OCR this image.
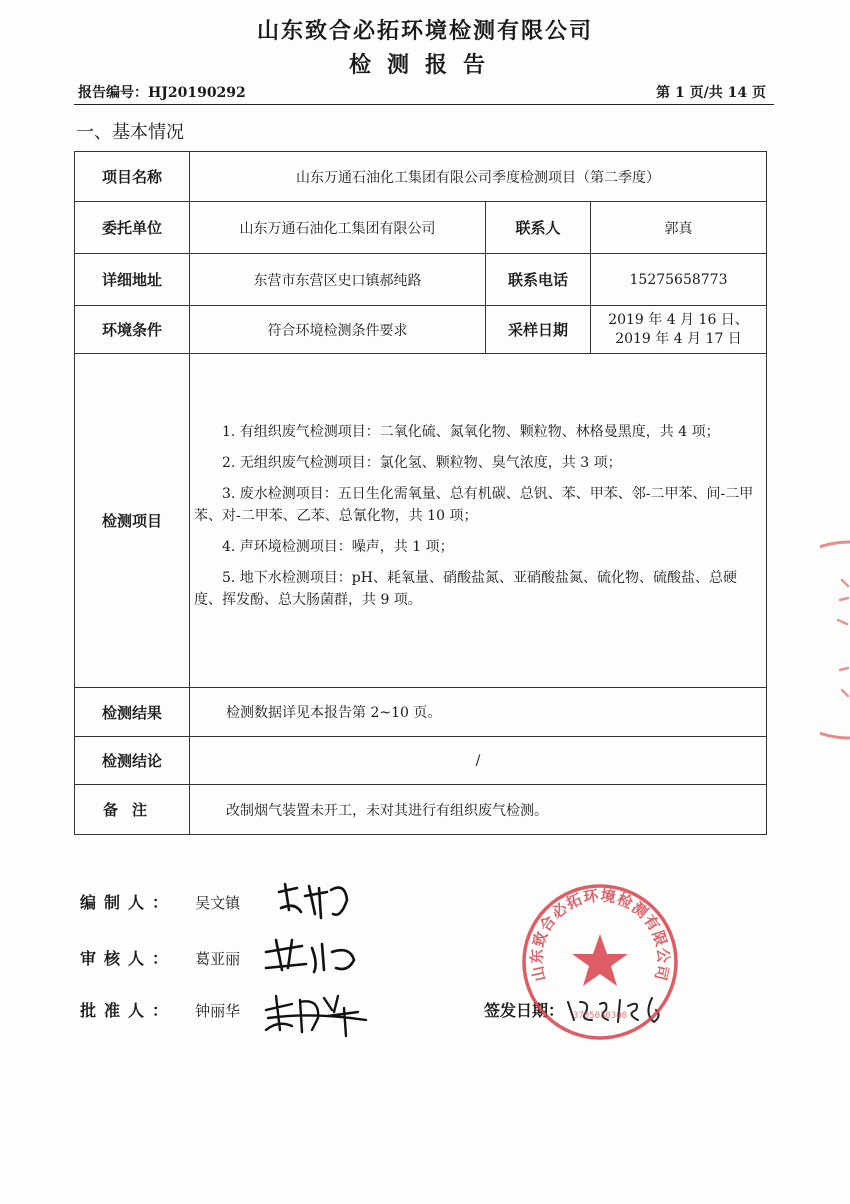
山东致合必拓环境检测有限公司
检测报告
报告编号：HJ20190292	第 1 页/共 14 页
一、基本情况
项目名称	山东万通石油化工集团有限公司季度检测项目（第二季度）		
委托单位	山东万通石油化工集团有限公司	联系人	郭真
详细地址	东营市东营区史口镇郝纯路	联系电话	15275658773
环境条件	符合环境检测条件要求	采样日期	2019 年 4 月 16 日、
2019 年 4 月 17 日

检测项目	1. 有组织废气检测项目：二氧化硫、氮氧化物、颗粒物、林格曼黑度，共 4 项；

2. 无组织废气检测项目：氯化氢、颗粒物、臭气浓度，共 3 项；

3. 废水检测项目：五日生化需氧量、总有机碳、总钒、苯、甲苯、邻-二甲苯、间-二甲苯、对-二甲苯、乙苯、总氰化物，共 10 项；

4. 声环境检测项目：噪声，共 1 项；

5. 地下水检测项目：pH、耗氧量、硝酸盐氮、亚硝酸盐氮、硫化物、硫酸盐、总硬度、挥发酚、总大肠菌群，共 9 项。		

检测结果	检测数据详见本报告第 2~10 页。		
检测结论	/		
备注	改制烟气装置未开工，未对其进行有组织废气检测。		
编制人： 吴文镇
审核人： 葛亚丽
批准人： 钟丽华	签发日期：
山东致合必拓环境检测有限公司
3705030300
